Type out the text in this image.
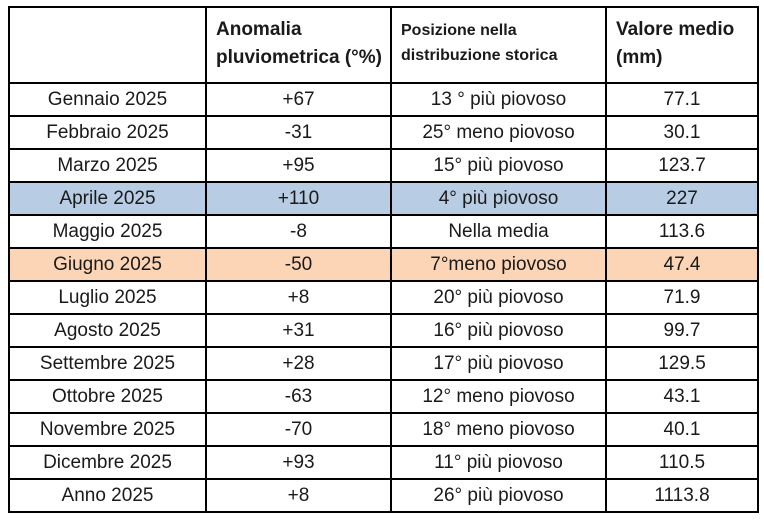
	Anomalia pluviometrica (°%)	Posizione nella distribuzione storica	Valore medio (mm)
Gennaio 2025	+67	13 ° più piovoso	77.1
Febbraio 2025	-31	25° meno piovoso	30.1
Marzo 2025	+95	15° più piovoso	123.7
Aprile 2025	+110	4° più piovoso	227
Maggio 2025	-8	Nella media	113.6
Giugno 2025	-50	7°meno piovoso	47.4
Luglio 2025	+8	20° più piovoso	71.9
Agosto 2025	+31	16° più piovoso	99.7
Settembre 2025	+28	17° più piovoso	129.5
Ottobre 2025	-63	12° meno piovoso	43.1
Novembre 2025	-70	18° meno piovoso	40.1
Dicembre 2025	+93	11° più piovoso	110.5
Anno 2025	+8	26° più piovoso	1113.8
